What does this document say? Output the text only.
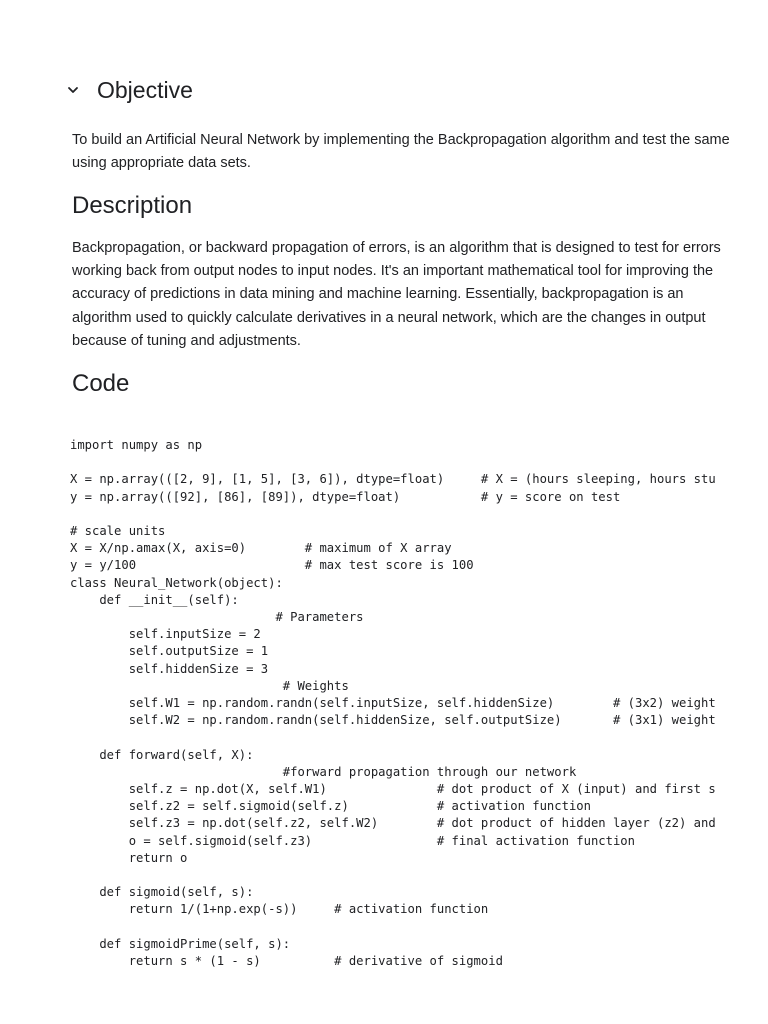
Objective

To build an Artificial Neural Network by implementing the Backpropagation algorithm and test the same using appropriate data sets.

Description

Backpropagation, or backward propagation of errors, is an algorithm that is designed to test for errors working back from output nodes to input nodes. It's an important mathematical tool for improving the accuracy of predictions in data mining and machine learning. Essentially, backpropagation is an algorithm used to quickly calculate derivatives in a neural network, which are the changes in output because of tuning and adjustments.

Code
import numpy as np

X = np.array(([2, 9], [1, 5], [3, 6]), dtype=float)     # X = (hours sleeping, hours stu
y = np.array(([92], [86], [89]), dtype=float)           # y = score on test

# scale units
X = X/np.amax(X, axis=0)        # maximum of X array
y = y/100                       # max test score is 100
class Neural_Network(object):
def __init__(self):
# Parameters
self.inputSize = 2
self.outputSize = 1
self.hiddenSize = 3
# Weights
self.W1 = np.random.randn(self.inputSize, self.hiddenSize)        # (3x2) weight
self.W2 = np.random.randn(self.hiddenSize, self.outputSize)       # (3x1) weight

def forward(self, X):
#forward propagation through our network
self.z = np.dot(X, self.W1)               # dot product of X (input) and first s
self.z2 = self.sigmoid(self.z)            # activation function
self.z3 = np.dot(self.z2, self.W2)        # dot product of hidden layer (z2) and
o = self.sigmoid(self.z3)                 # final activation function
return o

def sigmoid(self, s):
return 1/(1+np.exp(-s))     # activation function

def sigmoidPrime(self, s):
return s * (1 - s)          # derivative of sigmoid
